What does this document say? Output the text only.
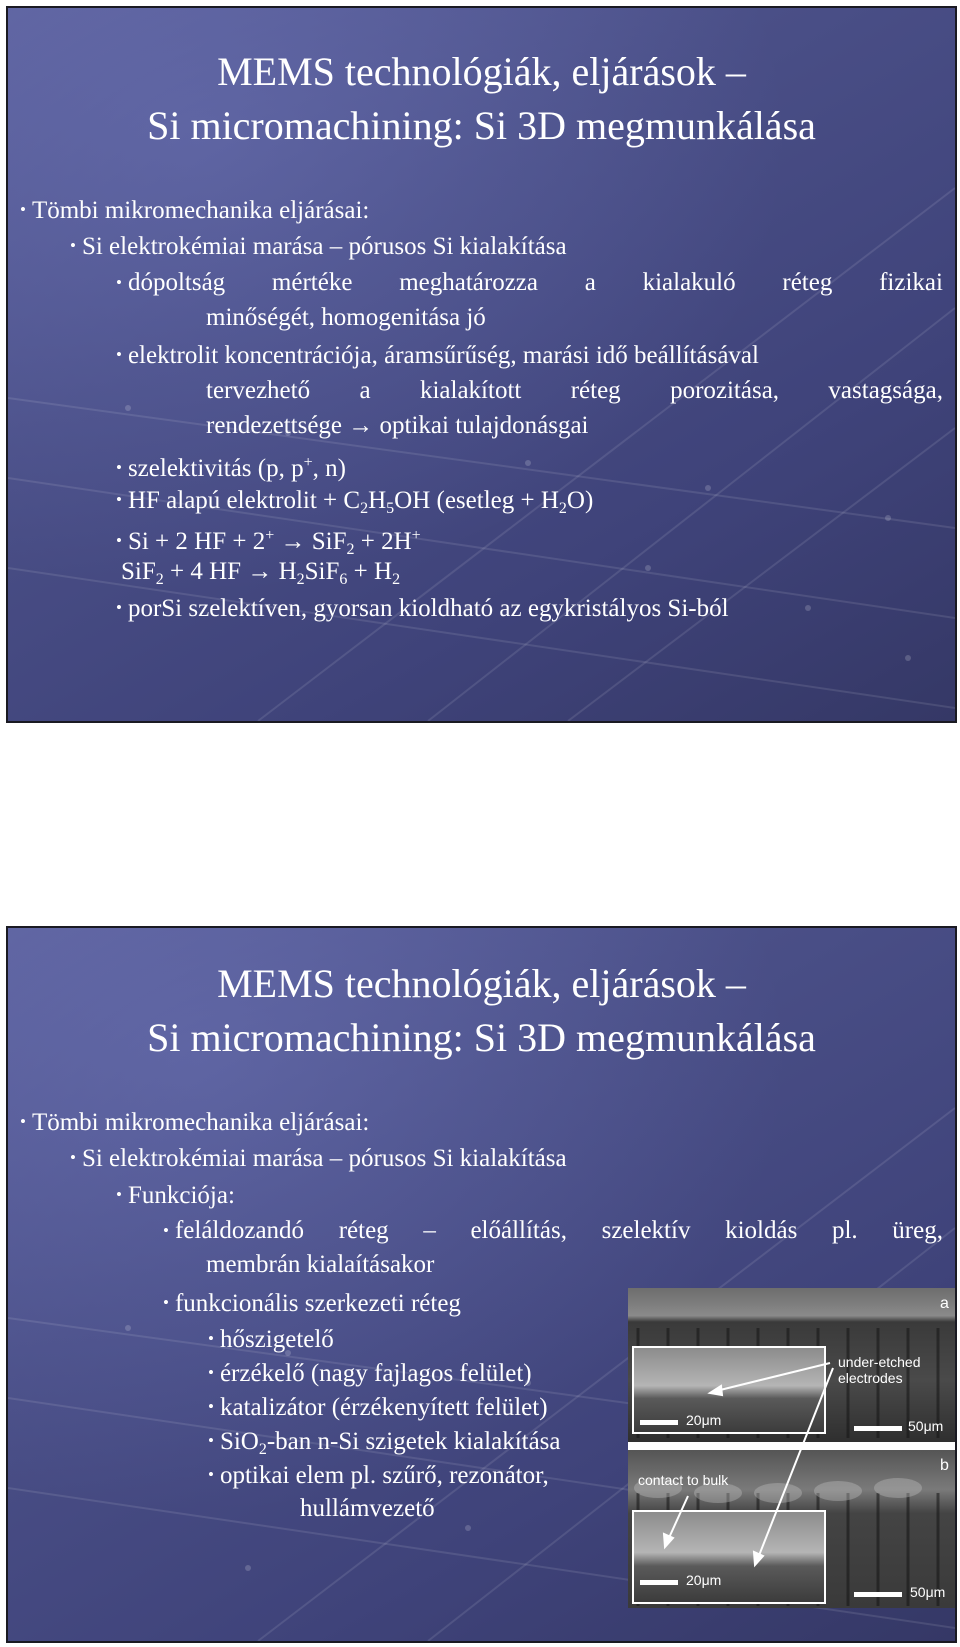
MEMS technológiák, eljárások –
Si micromachining: Si 3D megmunkálása
• Tömbi mikromechanika eljárásai:
• Si elektrokémiai marása – pórusos Si kialakítása
• dópoltság mértéke meghatározza a kialakuló réteg fizikai
minőségét, homogenitása jó
• elektrolit koncentrációja, áramsűrűség, marási idő beállításával
tervezhető a kialakított réteg porozitása, vastagsága,
rendezettsége → optikai tulajdonásgai
• szelektivitás (p, p+, n)
• HF alapú elektrolit + $C_2H_5OH$ (esetleg + $H_2O$)
• Si + 2 HF + 2+ → SiF$_2$ + 2H+
SiF$_2$ + 4 HF → $H_2SiF_6 + H_2$
• porSi szelektíven, gyorsan kioldható az egykristályos Si-ból
MEMS technológiák, eljárások –
Si micromachining: Si 3D megmunkálása
• Tömbi mikromechanika eljárásai:
• Si elektrokémiai marása – pórusos Si kialakítása
• Funkciója:
• feláldozandó réteg – előállítás, szelektív kioldás pl. üreg,
membrán kialaításakor
• funkcionális szerkezeti réteg
• hőszigetelő
• érzékelő (nagy fajlagos felület)
• katalizátor (érzékenyített felület)
• SiO$_2$-ban n-Si szigetek kialakítása
• optikai elem pl. szűrő, rezonátor,
hullámvezető
a
b
under-etched
electrodes
contact to bulk
20μm	50μm
20μm
50μm
